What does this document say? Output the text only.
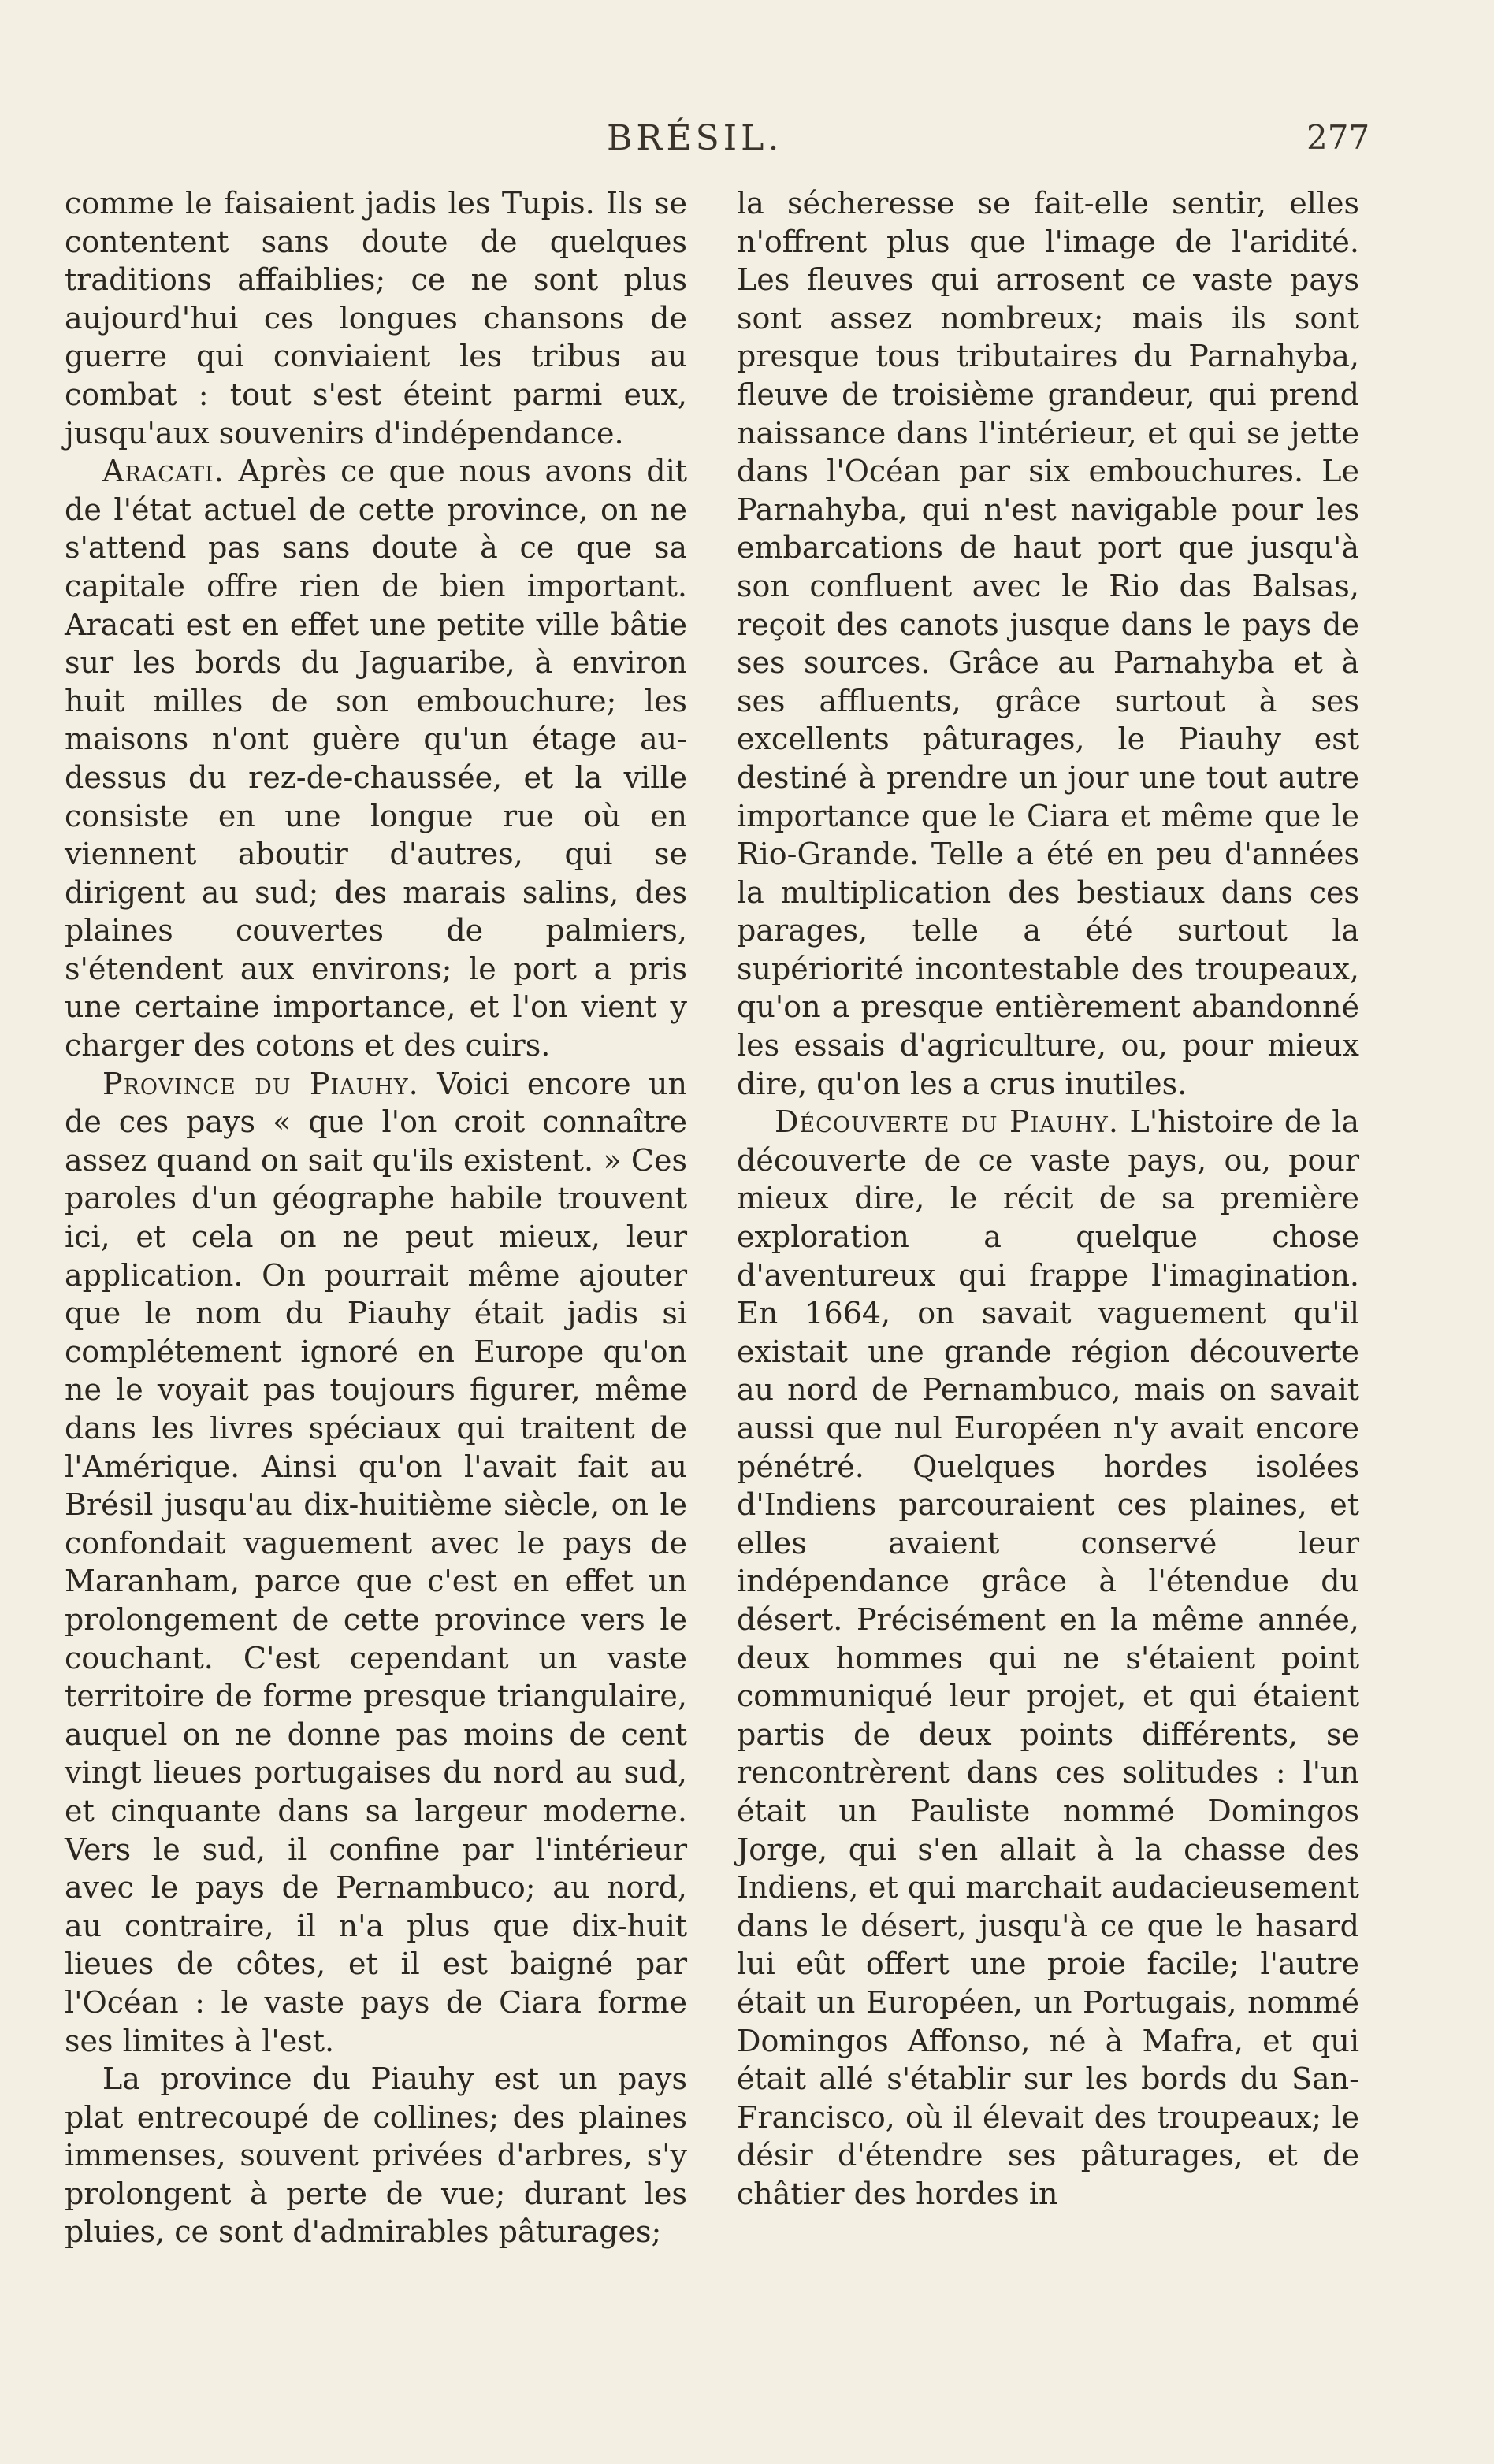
BRÉSIL.	277

comme le faisaient jadis les Tupis. Ils se contentent sans doute de quelques traditions affaiblies; ce ne sont plus aujourd'hui ces longues chansons de guerre qui conviaient les tribus au combat : tout s'est éteint parmi eux, jusqu'aux souvenirs d'indépendance.

Aracati. Après ce que nous avons dit de l'état actuel de cette province, on ne s'attend pas sans doute à ce que sa capitale offre rien de bien important. Aracati est en effet une petite ville bâtie sur les bords du Jaguaribe, à environ huit milles de son embouchure; les maisons n'ont guère qu'un étage au-dessus du rez-de-chaussée, et la ville consiste en une longue rue où en viennent aboutir d'autres, qui se dirigent au sud; des marais salins, des plaines couvertes de palmiers, s'étendent aux environs; le port a pris une certaine importance, et l'on vient y charger des cotons et des cuirs.

Province du Piauhy. Voici encore un de ces pays « que l'on croit connaître assez quand on sait qu'ils existent. » Ces paroles d'un géographe habile trouvent ici, et cela on ne peut mieux, leur application. On pourrait même ajouter que le nom du Piauhy était jadis si complétement ignoré en Europe qu'on ne le voyait pas toujours figurer, même dans les livres spéciaux qui traitent de l'Amérique. Ainsi qu'on l'avait fait au Brésil jusqu'au dix-huitième siècle, on le confondait vaguement avec le pays de Maranham, parce que c'est en effet un prolongement de cette province vers le couchant. C'est cependant un vaste territoire de forme presque triangulaire, auquel on ne donne pas moins de cent vingt lieues portugaises du nord au sud, et cinquante dans sa largeur moderne. Vers le sud, il confine par l'intérieur avec le pays de Pernambuco; au nord, au contraire, il n'a plus que dix-huit lieues de côtes, et il est baigné par l'Océan : le vaste pays de Ciara forme ses limites à l'est.

La province du Piauhy est un pays plat entrecoupé de collines; des plaines immenses, souvent privées d'arbres, s'y prolongent à perte de vue; durant les pluies, ce sont d'admirables pâturages;

la sécheresse se fait-elle sentir, elles n'offrent plus que l'image de l'aridité. Les fleuves qui arrosent ce vaste pays sont assez nombreux; mais ils sont presque tous tributaires du Parnahyba, fleuve de troisième grandeur, qui prend naissance dans l'intérieur, et qui se jette dans l'Océan par six embouchures. Le Parnahyba, qui n'est navigable pour les embarcations de haut port que jusqu'à son confluent avec le Rio das Balsas, reçoit des canots jusque dans le pays de ses sources. Grâce au Parnahyba et à ses affluents, grâce surtout à ses excellents pâturages, le Piauhy est destiné à prendre un jour une tout autre importance que le Ciara et même que le Rio-Grande. Telle a été en peu d'années la multiplication des bestiaux dans ces parages, telle a été surtout la supériorité incontestable des troupeaux, qu'on a presque entièrement abandonné les essais d'agriculture, ou, pour mieux dire, qu'on les a crus inutiles.

Découverte du Piauhy. L'histoire de la découverte de ce vaste pays, ou, pour mieux dire, le récit de sa première exploration a quelque chose d'aventureux qui frappe l'imagination. En 1664, on savait vaguement qu'il existait une grande région découverte au nord de Pernambuco, mais on savait aussi que nul Européen n'y avait encore pénétré. Quelques hordes isolées d'Indiens parcouraient ces plaines, et elles avaient conservé leur indépendance grâce à l'étendue du désert. Précisément en la même année, deux hommes qui ne s'étaient point communiqué leur projet, et qui étaient partis de deux points différents, se rencontrèrent dans ces solitudes : l'un était un Pauliste nommé Domingos Jorge, qui s'en allait à la chasse des Indiens, et qui marchait audacieusement dans le désert, jusqu'à ce que le hasard lui eût offert une proie facile; l'autre était un Européen, un Portugais, nommé Domingos Affonso, né à Mafra, et qui était allé s'établir sur les bords du San-Francisco, où il élevait des troupeaux; le désir d'étendre ses pâturages, et de châtier des hordes in
